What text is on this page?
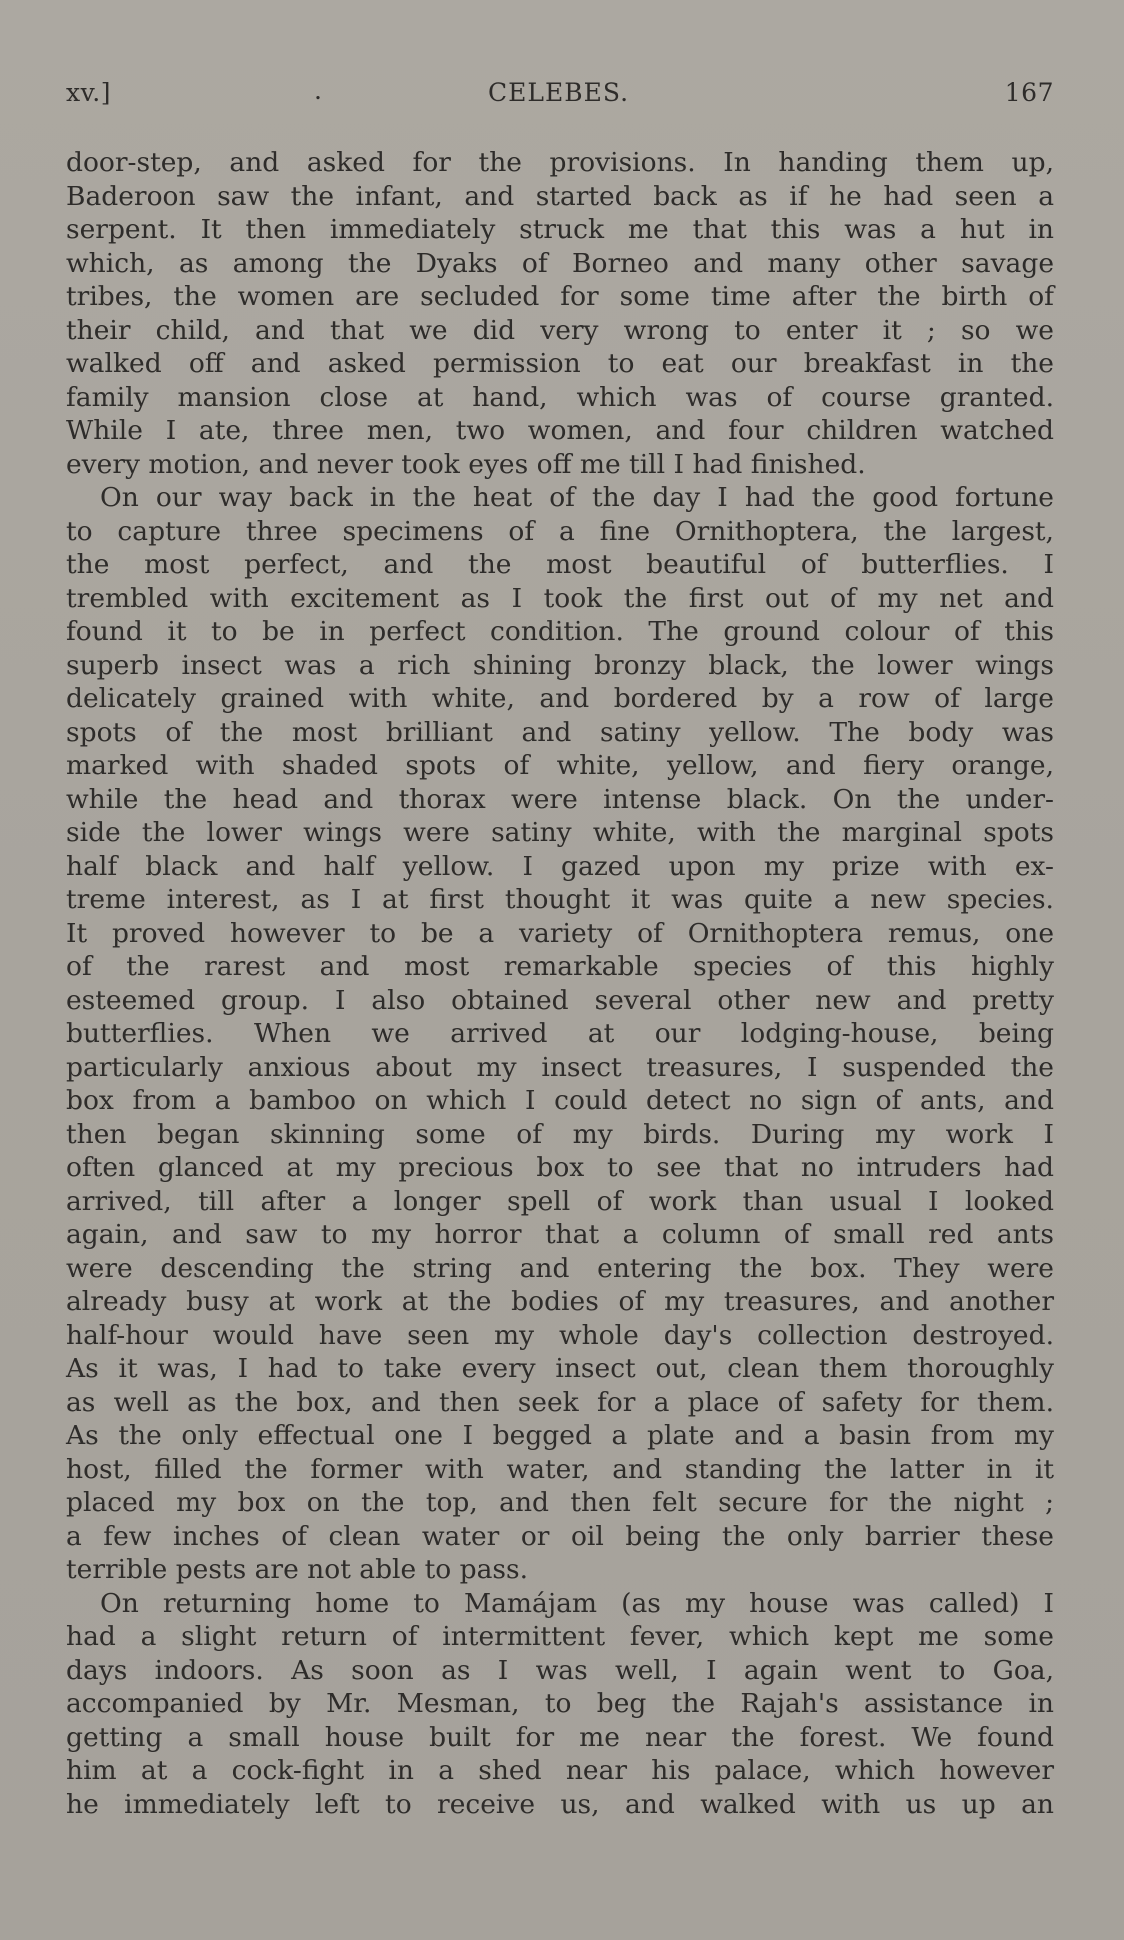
xv.]	.	CELEBES.	167
door-step, and asked for the provisions. In handing them up,
Baderoon saw the infant, and started back as if he had seen a
serpent. It then immediately struck me that this was a hut in
which, as among the Dyaks of Borneo and many other savage
tribes, the women are secluded for some time after the birth of
their child, and that we did very wrong to enter it ; so we
walked off and asked permission to eat our breakfast in the
family mansion close at hand, which was of course granted.
While I ate, three men, two women, and four children watched
every motion, and never took eyes off me till I had finished.
On our way back in the heat of the day I had the good fortune
to capture three specimens of a fine Ornithoptera, the largest,
the most perfect, and the most beautiful of butterflies. I
trembled with excitement as I took the first out of my net and
found it to be in perfect condition. The ground colour of this
superb insect was a rich shining bronzy black, the lower wings
delicately grained with white, and bordered by a row of large
spots of the most brilliant and satiny yellow. The body was
marked with shaded spots of white, yellow, and fiery orange,
while the head and thorax were intense black. On the under-
side the lower wings were satiny white, with the marginal spots
half black and half yellow. I gazed upon my prize with ex-
treme interest, as I at first thought it was quite a new species.
It proved however to be a variety of Ornithoptera remus, one
of the rarest and most remarkable species of this highly
esteemed group. I also obtained several other new and pretty
butterflies. When we arrived at our lodging-house, being
particularly anxious about my insect treasures, I suspended the
box from a bamboo on which I could detect no sign of ants, and
then began skinning some of my birds. During my work I
often glanced at my precious box to see that no intruders had
arrived, till after a longer spell of work than usual I looked
again, and saw to my horror that a column of small red ants
were descending the string and entering the box. They were
already busy at work at the bodies of my treasures, and another
half-hour would have seen my whole day's collection destroyed.
As it was, I had to take every insect out, clean them thoroughly
as well as the box, and then seek for a place of safety for them.
As the only effectual one I begged a plate and a basin from my
host, filled the former with water, and standing the latter in it
placed my box on the top, and then felt secure for the night ;
a few inches of clean water or oil being the only barrier these
terrible pests are not able to pass.
On returning home to Mamájam (as my house was called) I
had a slight return of intermittent fever, which kept me some
days indoors. As soon as I was well, I again went to Goa,
accompanied by Mr. Mesman, to beg the Rajah's assistance in
getting a small house built for me near the forest. We found
him at a cock-fight in a shed near his palace, which however
he immediately left to receive us, and walked with us up an
